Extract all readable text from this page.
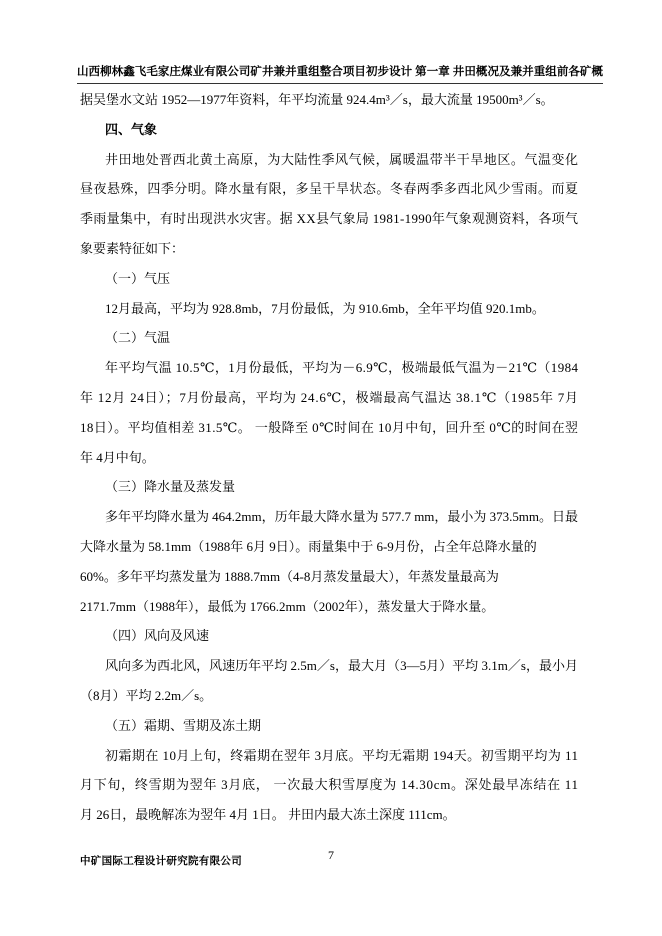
山西柳林鑫飞毛家庄煤业有限公司矿井兼并重组整合项目初步设计 第一章 井田概况及兼并重组前各矿概
据吴堡水文站 1952—1977年资料，年平均流量 924.4m³／s，最大流量 19500m³／s。
四、气象
井田地处晋西北黄土高原，为大陆性季风气候，属暖温带半干旱地区。气温变化
昼夜悬殊，四季分明。降水量有限，多呈干旱状态。冬春两季多西北风少雪雨。而夏
季雨量集中，有时出现洪水灾害。据 XX县气象局 1981-1990年气象观测资料，各项气
象要素特征如下：
（一）气压
12月最高，平均为 928.8mb，7月份最低，为 910.6mb，全年平均值 920.1mb。
（二）气温
年平均气温 10.5℃，1月份最低，平均为－6.9℃，极端最低气温为－21℃（1984
年 12月 24日）；7月份最高，平均为 24.6℃，极端最高气温达 38.1℃（1985年 7月
18日）。平均值相差 31.5℃。 一般降至 0℃时间在 10月中旬，回升至 0℃的时间在翌
年 4月中旬。
（三）降水量及蒸发量
多年平均降水量为 464.2mm，历年最大降水量为 577.7 mm，最小为 373.5mm。日最
大降水量为 58.1mm（1988年 6月 9日）。雨量集中于 6-9月份，占全年总降水量的
60%。多年平均蒸发量为 1888.7mm（4-8月蒸发量最大），年蒸发量最高为
2171.7mm（1988年），最低为 1766.2mm（2002年），蒸发量大于降水量。
（四）风向及风速
风向多为西北风，风速历年平均 2.5m／s，最大月（3—5月）平均 3.1m／s，最小月
（8月）平均 2.2m／s。
（五）霜期、雪期及冻土期
初霜期在 10月上旬，终霜期在翌年 3月底。平均无霜期 194天。初雪期平均为 11
月下旬，终雪期为翌年 3月底， 一次最大积雪厚度为 14.30cm。深处最早冻结在 11
月 26日，最晚解冻为翌年 4月 1日。 井田内最大冻土深度 111cm。
中矿国际工程设计研究院有限公司	7
